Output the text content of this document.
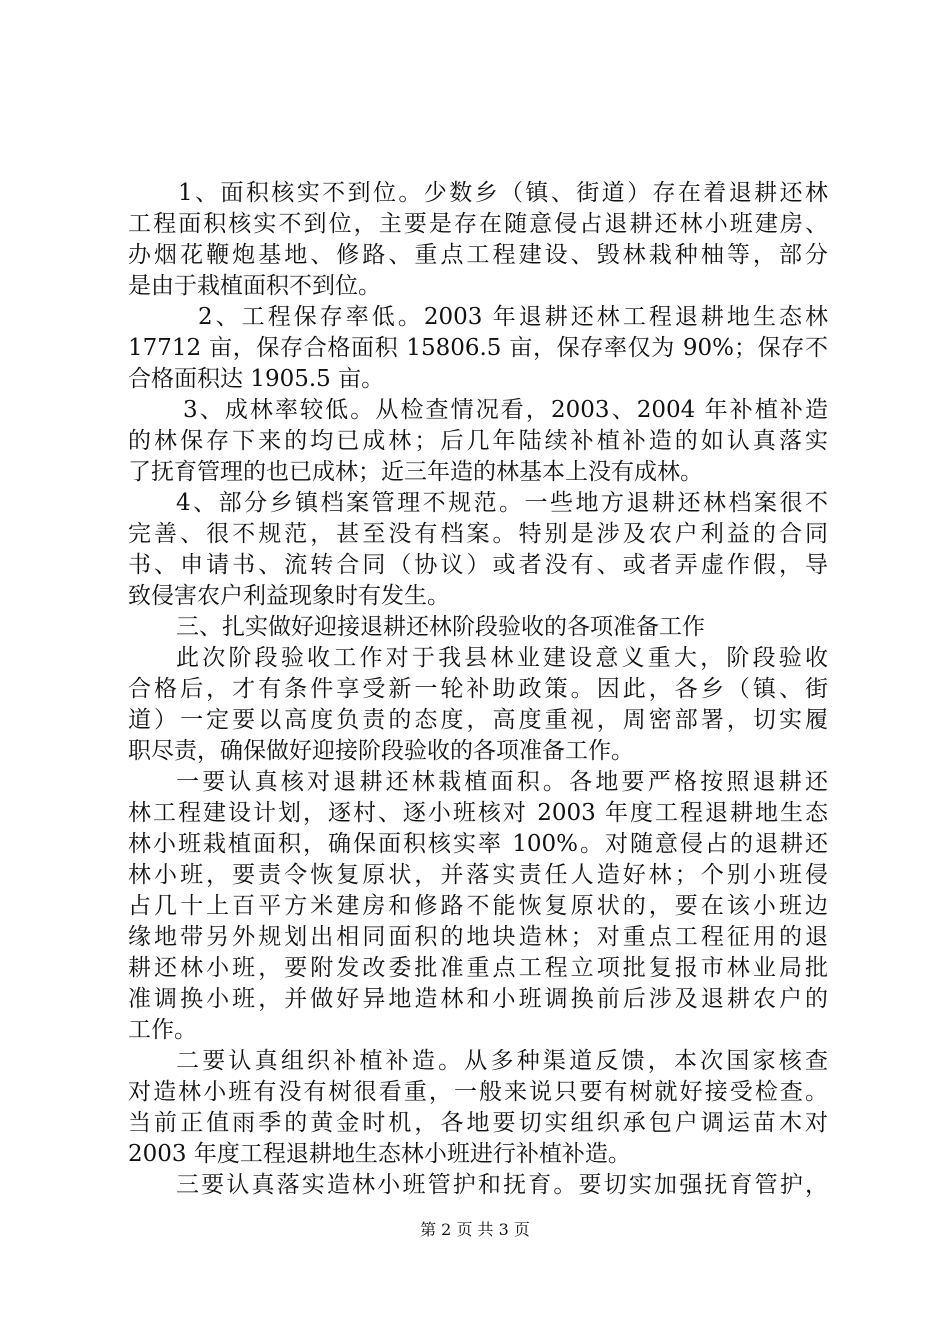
1、面积核实不到位。少数乡（镇、街道）存在着退耕还林
工程面积核实不到位，主要是存在随意侵占退耕还林小班建房、
办烟花鞭炮基地、修路、重点工程建设、毁林栽种柚等，部分
是由于栽植面积不到位。
2、工程保存率低。2003 年退耕还林工程退耕地生态林
17712 亩，保存合格面积 15806.5 亩，保存率仅为 90%；保存不
合格面积达 1905.5 亩。
3、成林率较低。从检查情况看，2003、2004 年补植补造
的林保存下来的均已成林；后几年陆续补植补造的如认真落实
了抚育管理的也已成林；近三年造的林基本上没有成林。
4、部分乡镇档案管理不规范。一些地方退耕还林档案很不
完善、很不规范，甚至没有档案。特别是涉及农户利益的合同
书、申请书、流转合同（协议）或者没有、或者弄虚作假，导
致侵害农户利益现象时有发生。
三、扎实做好迎接退耕还林阶段验收的各项准备工作
此次阶段验收工作对于我县林业建设意义重大，阶段验收
合格后，才有条件享受新一轮补助政策。因此，各乡（镇、街
道）一定要以高度负责的态度，高度重视，周密部署，切实履
职尽责，确保做好迎接阶段验收的各项准备工作。
一要认真核对退耕还林栽植面积。各地要严格按照退耕还
林工程建设计划，逐村、逐小班核对 2003 年度工程退耕地生态
林小班栽植面积，确保面积核实率 100%。对随意侵占的退耕还
林小班，要责令恢复原状，并落实责任人造好林；个别小班侵
占几十上百平方米建房和修路不能恢复原状的，要在该小班边
缘地带另外规划出相同面积的地块造林；对重点工程征用的退
耕还林小班，要附发改委批准重点工程立项批复报市林业局批
准调换小班，并做好异地造林和小班调换前后涉及退耕农户的
工作。
二要认真组织补植补造。从多种渠道反馈，本次国家核查
对造林小班有没有树很看重，一般来说只要有树就好接受检查。
当前正值雨季的黄金时机，各地要切实组织承包户调运苗木对
2003 年度工程退耕地生态林小班进行补植补造。
三要认真落实造林小班管护和抚育。要切实加强抚育管护，
第 2 页 共 3 页
